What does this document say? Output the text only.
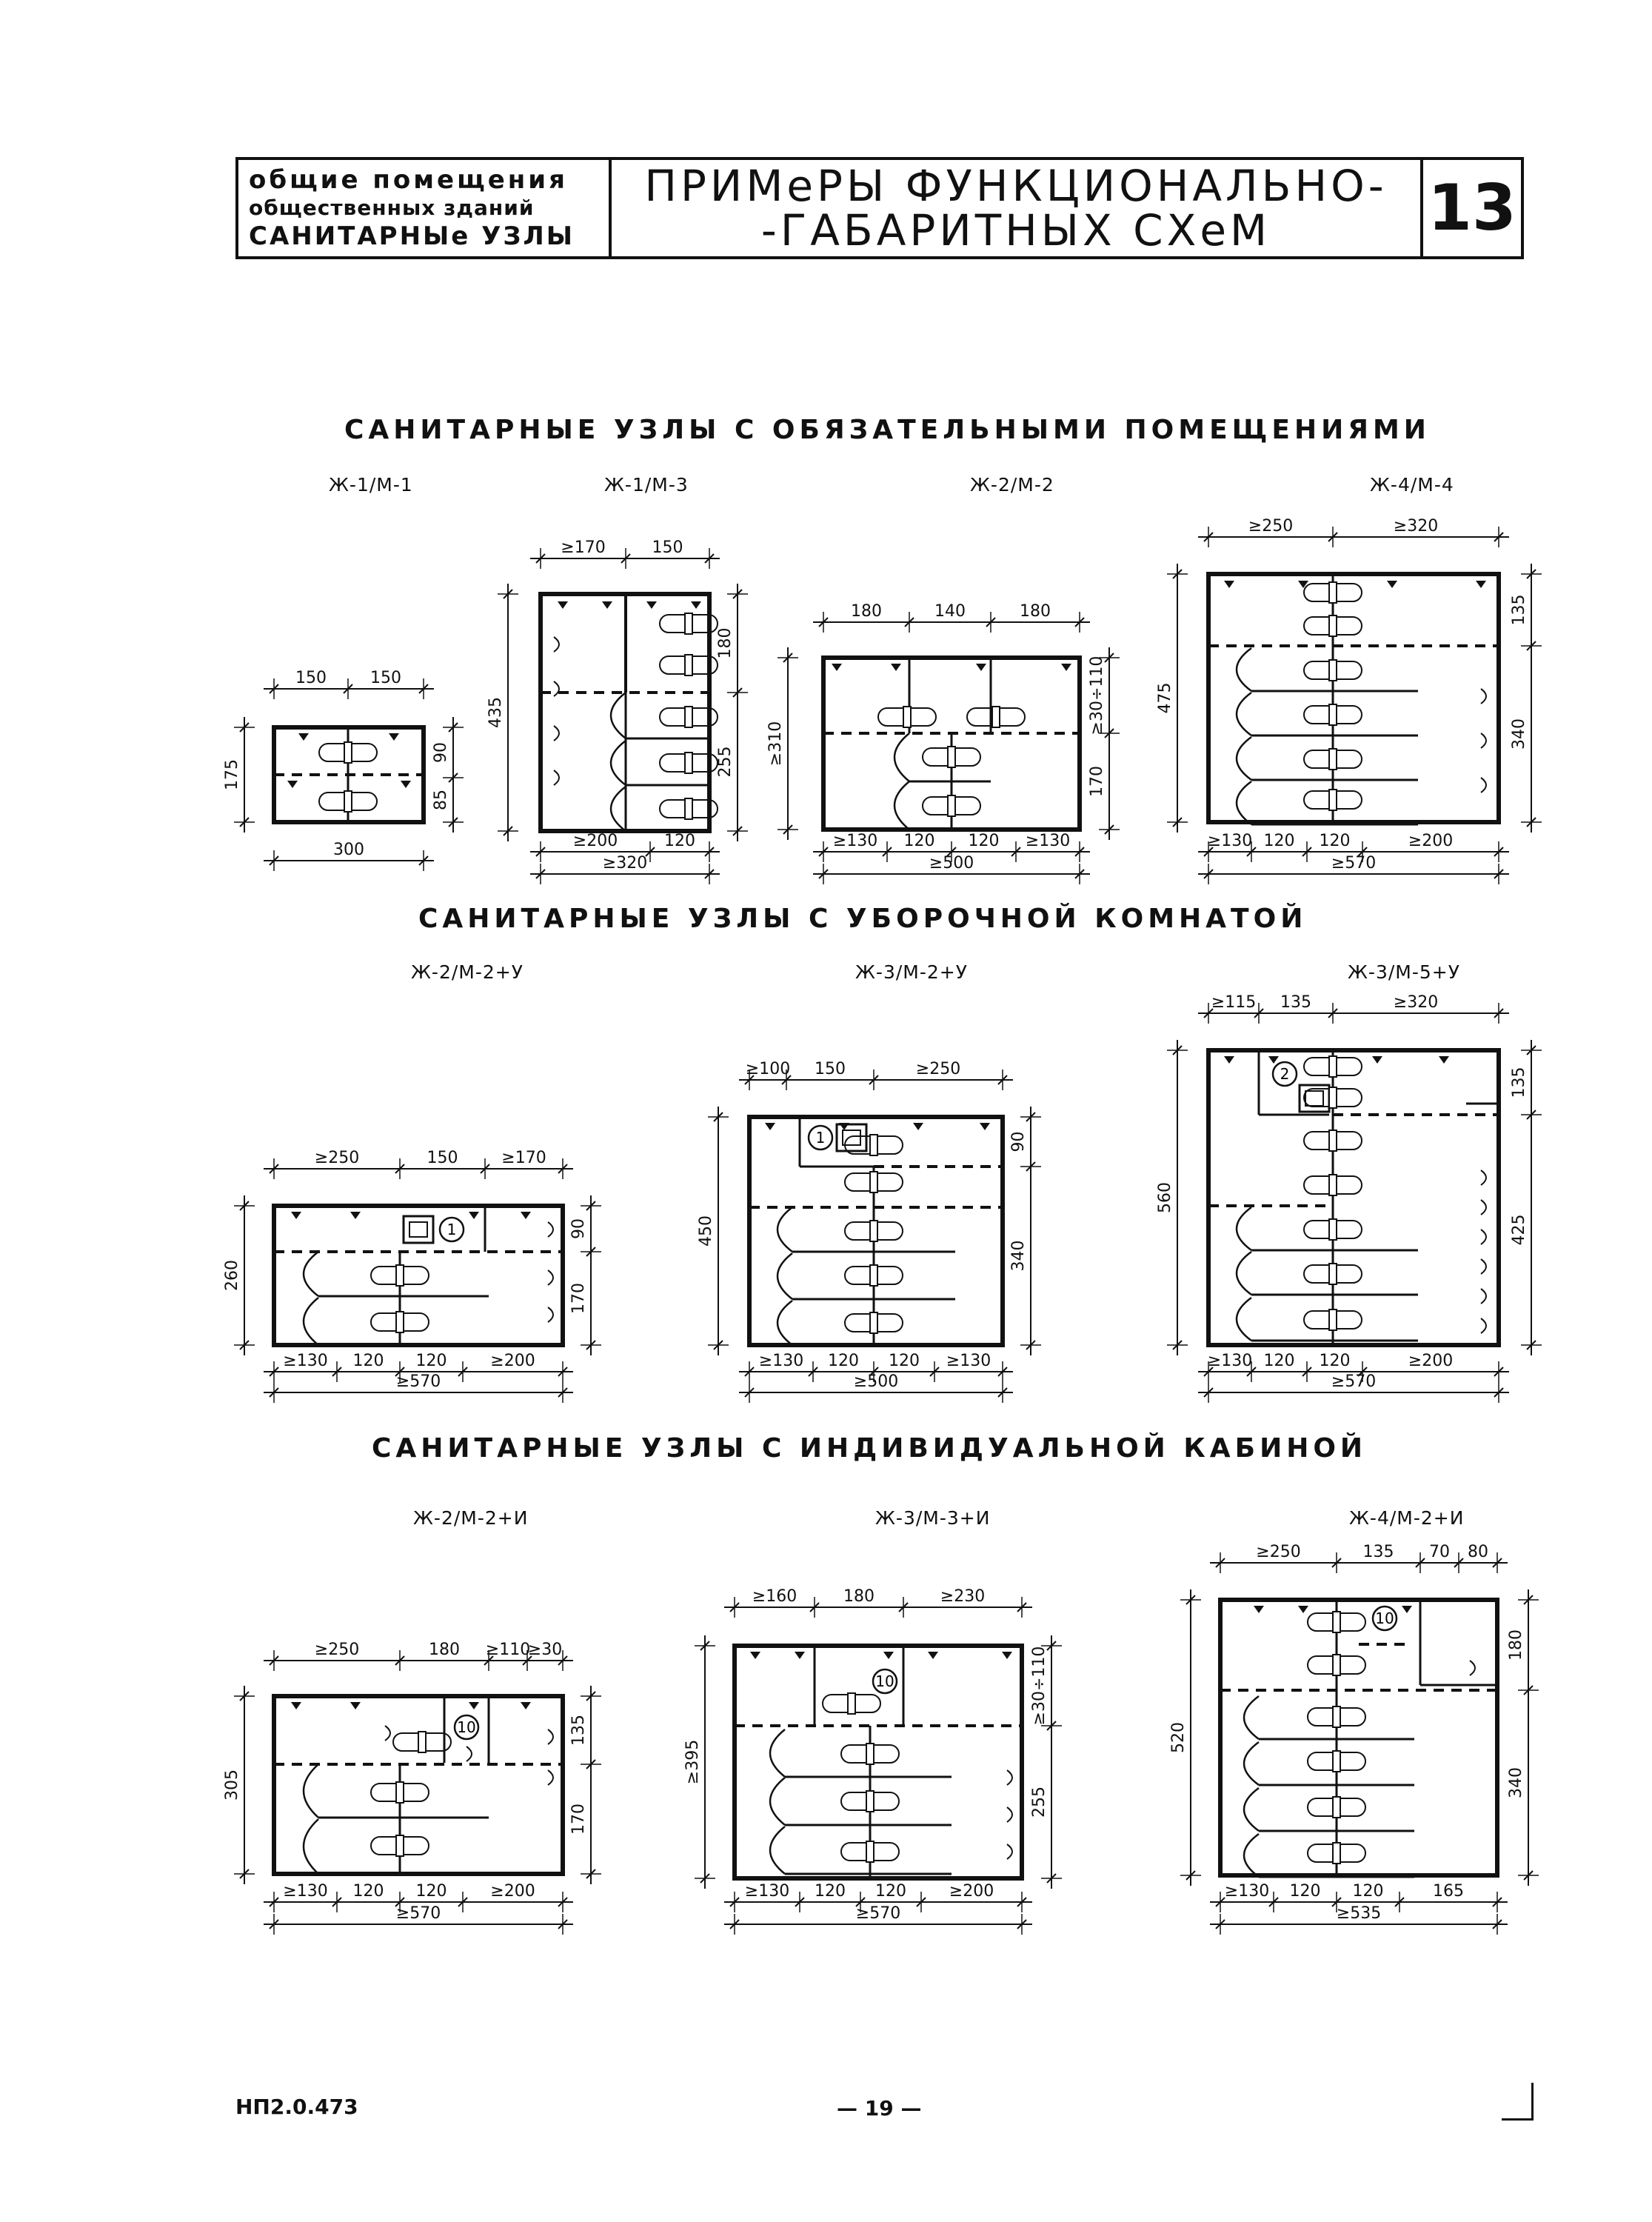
общие помещения
общественных зданий
САНИТАРНЫе УЗЛЫ
ПРИМеРЫ ФУНКЦИОНАЛЬНО-
-ГАБАРИТНЫХ СХеМ 13
САНИТАРНЫЕ УЗЛЫ С ОБЯЗАТЕЛЬНЫМИ ПОМЕЩЕНИЯМИ
САНИТАРНЫЕ УЗЛЫ С УБОРОЧНОЙ КОМНАТОЙ
САНИТАРНЫЕ УЗЛЫ С ИНДИВИДУАЛЬНОЙ КАБИНОЙ
Ж-1/М-1	Ж-1/М-3	Ж-2/М-2	Ж-4/М-4
Ж-2/М-2+У	Ж-3/М-2+У	Ж-3/М-5+У
Ж-2/М-2+И	Ж-3/М-3+И	Ж-4/М-2+И
150	150
300
175
90
85
≥170	150
≥200	120
≥320
435
180
255
180	140	180
≥130 120 120 ≥130
≥500
≥310
≥30÷110
170
≥250	≥320
≥130 120 120	≥200
≥570
475
135
340
1
≥250	150	≥170
≥130 120 120	≥200
≥570
260
90
170
1
≥100 150	≥250
≥130 120 120 ≥130
≥500
450
90
340
2
≥115 135	≥320
≥130 120 120	≥200
≥570
560
135
425
10
≥250	180 ≥110
≥30
≥130 120 120	≥200
≥570
305
135
170
10
≥160	180	≥230
≥130 120 120	≥200
≥570
≥395
≥30÷110
255
10
≥250	135 70 80
≥130 120 120	165
≥535
520
180
340
НП2.0.473	— 19 —
